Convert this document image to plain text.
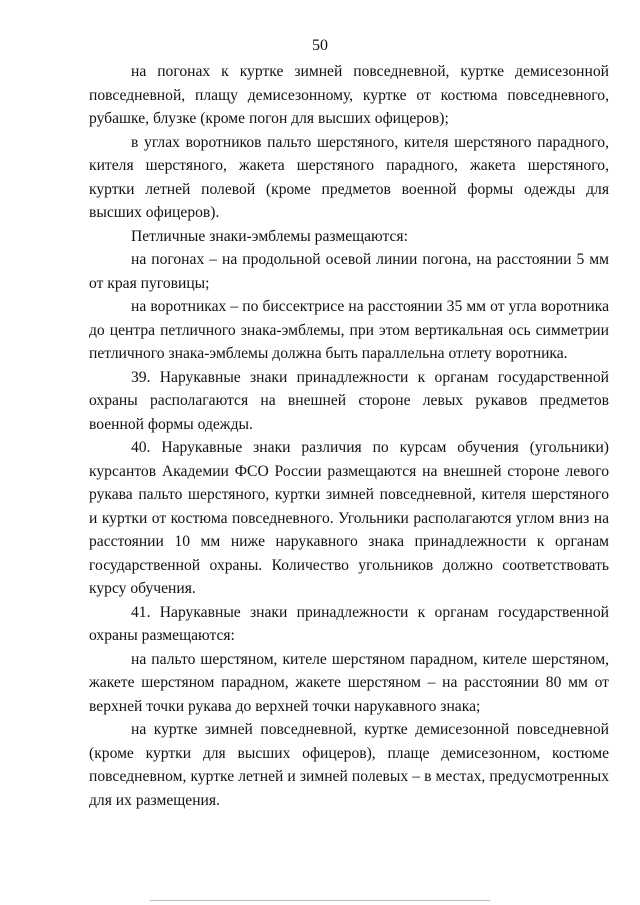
50

на погонах к куртке зимней повседневной, куртке демисезонной повседневной, плащу демисезонному, куртке от костюма повседневного, рубашке, блузке (кроме погон для высших офицеров);

в углах воротников пальто шерстяного, кителя шерстяного парадного, кителя шерстяного, жакета шерстяного парадного, жакета шерстяного, куртки летней полевой (кроме предметов военной формы одежды для высших офицеров).

Петличные знаки-эмблемы размещаются:

на погонах – на продольной осевой линии погона, на расстоянии 5 мм от края пуговицы;

на воротниках – по биссектрисе на расстоянии 35 мм от угла воротника до центра петличного знака-эмблемы, при этом вертикальная ось симметрии петличного знака-эмблемы должна быть параллельна отлету воротника.

39. Нарукавные знаки принадлежности к органам государственной охраны располагаются на внешней стороне левых рукавов предметов военной формы одежды.

40. Нарукавные знаки различия по курсам обучения (угольники) курсантов Академии ФСО России размещаются на внешней стороне левого рукава пальто шерстяного, куртки зимней повседневной, кителя шерстяного и куртки от костюма повседневного. Угольники располагаются углом вниз на расстоянии 10 мм ниже нарукавного знака принадлежности к органам государственной охраны. Количество угольников должно соответствовать курсу обучения.

41. Нарукавные знаки принадлежности к органам государственной охраны размещаются:

на пальто шерстяном, кителе шерстяном парадном, кителе шерстяном, жакете шерстяном парадном, жакете шерстяном – на расстоянии 80 мм от верхней точки рукава до верхней точки нарукавного знака;

на куртке зимней повседневной, куртке демисезонной повседневной (кроме куртки для высших офицеров), плаще демисезонном, костюме повседневном, куртке летней и зимней полевых – в местах, предусмотренных для их размещения.
